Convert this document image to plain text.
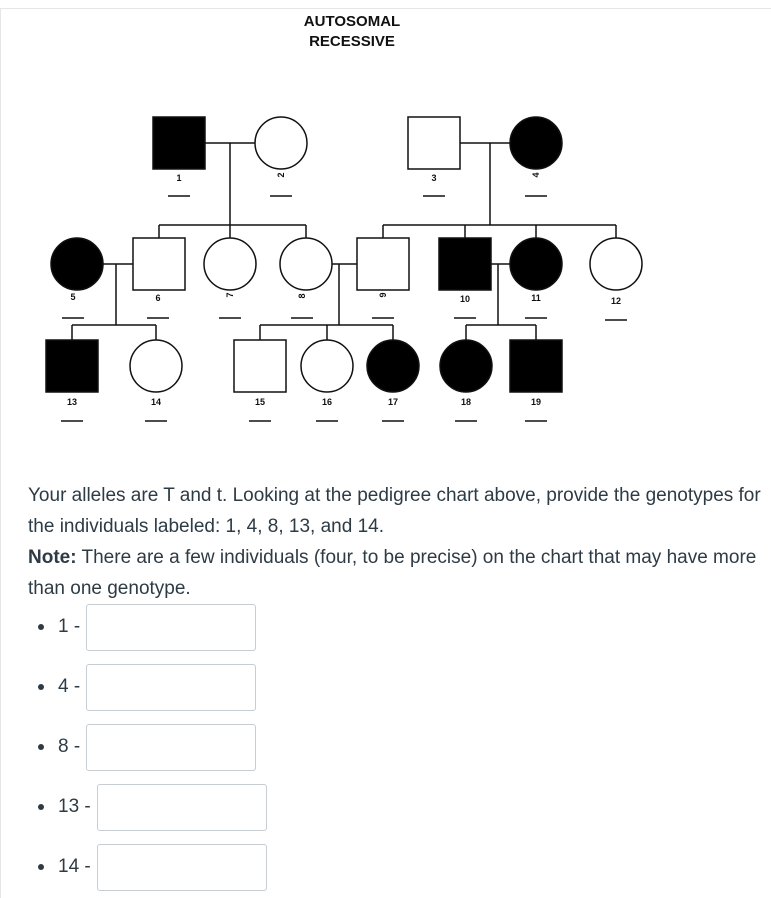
AUTOSOMAL
RECESSIVE
1	2	3	4
5	6	7	8	9	10	11	12
13	14	15	16	17	18	19

Your alleles are T and t. Looking at the pedigree chart above, provide the genotypes for the individuals labeled: 1, 4, 8, 13, and 14.

Note: There are a few individuals (four, to be precise) on the chart that may have more than one genotype.

1 -
4 -
8 -
13 -
14 -
